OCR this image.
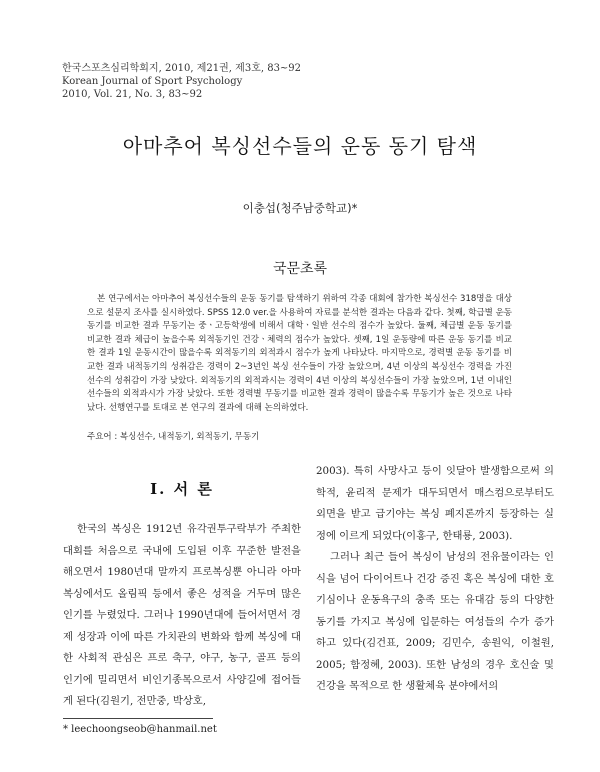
한국스포츠심리학회지, 2010, 제21권, 제3호, 83~92
Korean Journal of Sport Psychology
2010, Vol. 21, No. 3, 83~92
아마추어 복싱선수들의 운동 동기 탐색
이충섭(청주남중학교)*
국문초록

본 연구에서는 아마추어 복싱선수들의 운동 동기를 탐색하기 위하여 각종 대회에 참가한 복싱선수 318명을 대상으로 설문지 조사를 실시하였다. SPSS 12.0 ver.을 사용하여 자료를 분석한 결과는 다음과 같다. 첫째, 학급별 운동 동기를 비교한 결과 무동기는 중ㆍ고등학생에 비해서 대학ㆍ일반 선수의 점수가 높았다. 둘째, 체급별 운동 동기를 비교한 결과 체급이 높을수록 외적동기인 건강ㆍ체력의 점수가 높았다. 셋째, 1일 운동량에 따른 운동 동기를 비교한 결과 1일 운동시간이 많을수록 외적동기의 외적과시 점수가 높게 나타났다. 마지막으로, 경력별 운동 동기를 비교한 결과 내적동기의 성취감은 경력이 2~3년인 복싱 선수들이 가장 높았으며, 4년 이상의 복싱선수 경력을 가진 선수의 성취감이 가장 낮았다. 외적동기의 외적과시는 경력이 4년 이상의 복싱선수들이 가장 높았으며, 1년 이내인 선수들의 외적과시가 가장 낮았다. 또한 경력별 무동기를 비교한 결과 경력이 많을수록 무동기가 높은 것으로 나타났다. 선행연구를 토대로 본 연구의 결과에 대해 논의하였다.

주요어 : 복싱선수, 내적동기, 외적동기, 무동기
I. 서 론

한국의 복싱은 1912년 유각권투구락부가 주최한 대회를 처음으로 국내에 도입된 이후 꾸준한 발전을 해오면서 1980년대 말까지 프로복싱뿐 아니라 아마복싱에서도 올림픽 등에서 좋은 성적을 거두며 많은 인기를 누렸었다. 그러나 1990년대에 들어서면서 경제 성장과 이에 따른 가치관의 변화와 함께 복싱에 대한 사회적 관심은 프로 축구, 야구, 농구, 골프 등의 인기에 밀리면서 비인기종목으로서 사양길에 접어들게 된다(김원기, 전만중, 박상호,

2003). 특히 사망사고 등이 잇달아 발생함으로써 의학적, 윤리적 문제가 대두되면서 매스컴으로부터도 외면을 받고 급기야는 복싱 폐지론까지 등장하는 실정에 이르게 되었다(이홍구, 한태룡, 2003).

그러나 최근 들어 복싱이 남성의 전유물이라는 인식을 넘어 다이어트나 건강 증진 혹은 복싱에 대한 호기심이나 운동욕구의 충족 또는 유대감 등의 다양한 동기를 가지고 복싱에 입문하는 여성들의 수가 증가하고 있다(김건표, 2009; 김민수, 송원익, 이철원, 2005; 함정혜, 2003). 또한 남성의 경우 호신술 및 건강을 목적으로 한 생활체육 분야에서의

* leechoongseob@hanmail.net
